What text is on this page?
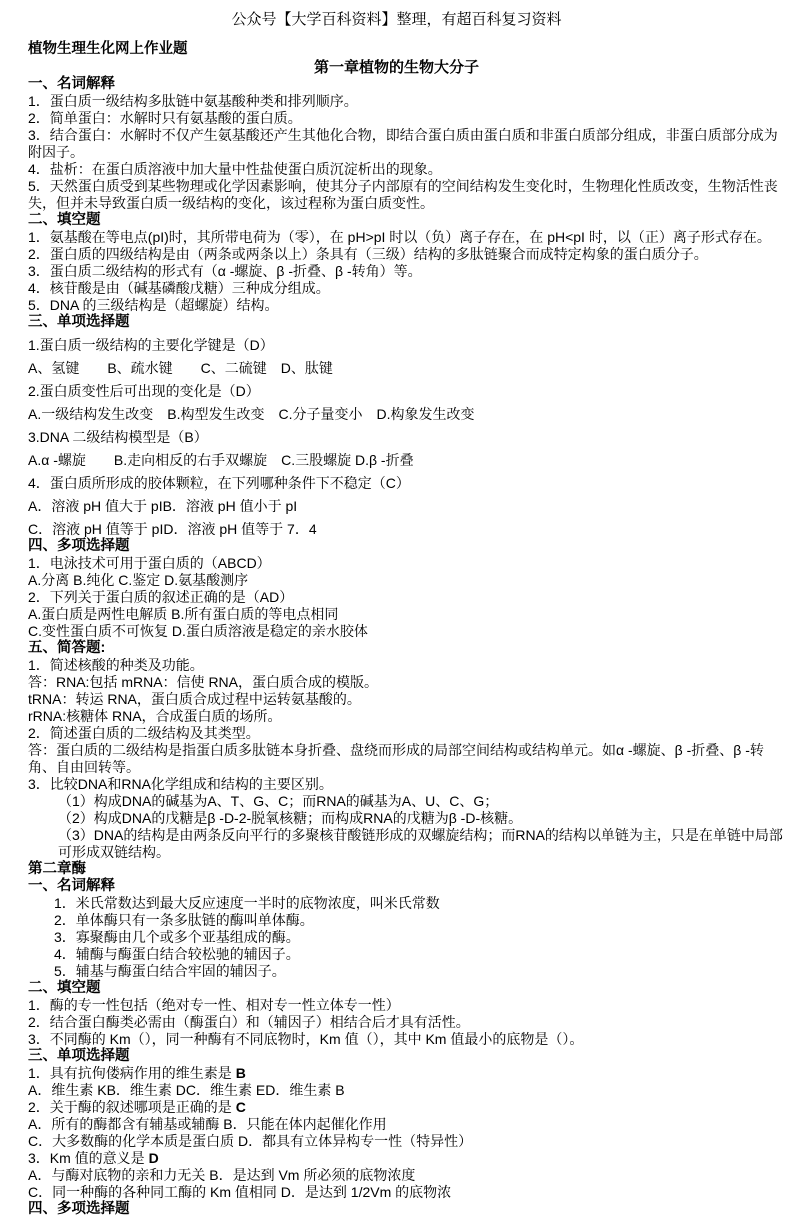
公众号【大学百科资料】整理，有超百科复习资料
植物生理生化网上作业题
第一章植物的生物大分子
一、名词解释
1．蛋白质一级结构多肽链中氨基酸种类和排列顺序。
2．简单蛋白：水解时只有氨基酸的蛋白质。
3．结合蛋白：水解时不仅产生氨基酸还产生其他化合物，即结合蛋白质由蛋白质和非蛋白质部分组成，非蛋白质部分成为附因子。
4．盐析：在蛋白质溶液中加大量中性盐使蛋白质沉淀析出的现象。
5．天然蛋白质受到某些物理或化学因素影响，使其分子内部原有的空间结构发生变化时，生物理化性质改变，生物活性丧失，但并未导致蛋白质一级结构的变化，该过程称为蛋白质变性。
二、填空题
1．氨基酸在等电点(pI)时，其所带电荷为（零），在 pH>pI 时以（负）离子存在，在 pH<pI 时，以（正）离子形式存在。
2．蛋白质的四级结构是由（两条或两条以上）条具有（三级）结构的多肽链聚合而成特定构象的蛋白质分子。
3．蛋白质二级结构的形式有（α -螺旋、β -折叠、β -转角）等。
4．核苷酸是由（碱基磷酸戊糖）三种成分组成。
5．DNA 的三级结构是（超螺旋）结构。
三、单项选择题
1.蛋白质一级结构的主要化学键是（D）
A、氢键　　B、疏水键　　C、二硫键　D、肽键
2.蛋白质变性后可出现的变化是（D）
A.一级结构发生改变　B.构型发生改变　C.分子量变小　D.构象发生改变
3.DNA 二级结构模型是（B）
A.α -螺旋　　B.走向相反的右手双螺旋　C.三股螺旋 D.β -折叠
4．蛋白质所形成的胶体颗粒，在下列哪种条件下不稳定（C）
A．溶液 pH 值大于 pIB．溶液 pH 值小于 pI
C．溶液 pH 值等于 pID．溶液 pH 值等于 7．4
四、多项选择题
1．电泳技术可用于蛋白质的（ABCD）
A.分离 B.纯化 C.鉴定 D.氨基酸测序
2．下列关于蛋白质的叙述正确的是（AD）
A.蛋白质是两性电解质 B.所有蛋白质的等电点相同
C.变性蛋白质不可恢复 D.蛋白质溶液是稳定的亲水胶体
五、简答题:
1．简述核酸的种类及功能。
答：RNA:包括 mRNA：信使 RNA，蛋白质合成的模版。
tRNA：转运 RNA，蛋白质合成过程中运转氨基酸的。
rRNA:核糖体 RNA，合成蛋白质的场所。
2．简述蛋白质的二级结构及其类型。
答：蛋白质的二级结构是指蛋白质多肽链本身折叠、盘绕而形成的局部空间结构或结构单元。如α -螺旋、β -折叠、β -转角、自由回转等。
3．比较DNA和RNA化学组成和结构的主要区别。
（1）构成DNA的碱基为A、T、G、C；而RNA的碱基为A、U、C、G；
（2）构成DNA的戊糖是β -D-2-脱氧核糖；而构成RNA的戊糖为β -D-核糖。
（3）DNA的结构是由两条反向平行的多聚核苷酸链形成的双螺旋结构；而RNA的结构以单链为主，只是在单链中局部可形成双链结构。
第二章酶
一、名词解释
1．米氏常数达到最大反应速度一半时的底物浓度，叫米氏常数
2．单体酶只有一条多肽链的酶叫单体酶。
3．寡聚酶由几个或多个亚基组成的酶。
4．辅酶与酶蛋白结合较松驰的辅因子。
5．辅基与酶蛋白结合牢固的辅因子。
二、填空题
1．酶的专一性包括（绝对专一性、相对专一性立体专一性）
2．结合蛋白酶类必需由（酶蛋白）和（辅因子）相结合后才具有活性。
3．不同酶的 Km（），同一种酶有不同底物时，Km 值（），其中 Km 值最小的底物是（）。
三、单项选择题
1．具有抗佝偻病作用的维生素是 B
A．维生素 KB．维生素 DC．维生素 ED．维生素 B
2．关于酶的叙述哪项是正确的是 C
A．所有的酶都含有辅基或辅酶 B．只能在体内起催化作用
C．大多数酶的化学本质是蛋白质 D．都具有立体异构专一性（特异性）
3．Km 值的意义是 D
A．与酶对底物的亲和力无关 B．是达到 Vm 所必须的底物浓度
C．同一种酶的各种同工酶的 Km 值相同 D．是达到 1/2Vm 的底物浓
四、多项选择题
